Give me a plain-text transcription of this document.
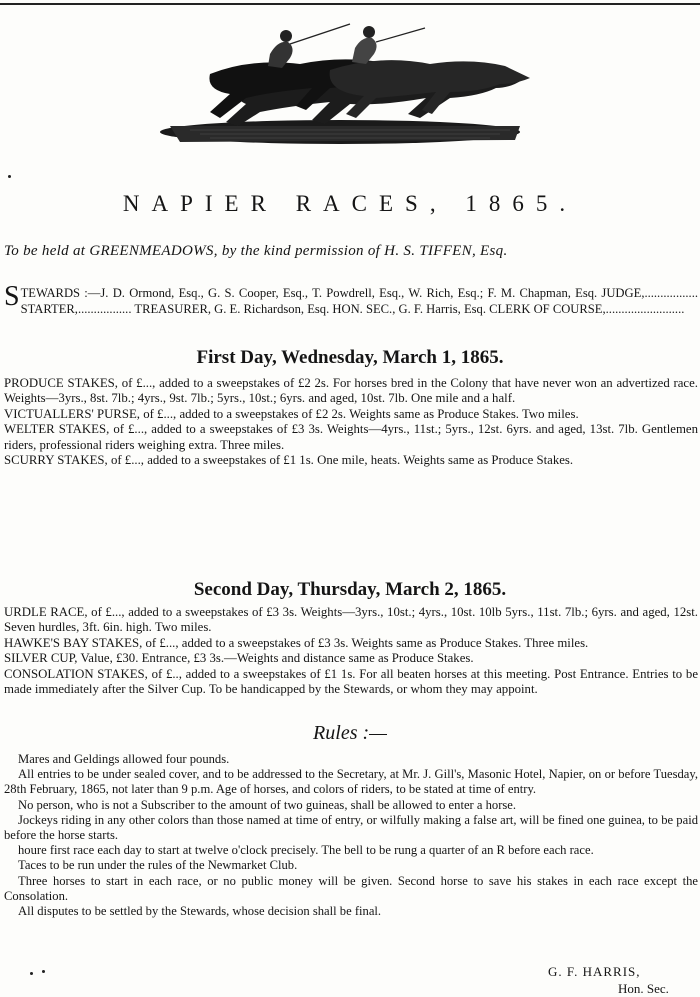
NAPIER RACES, 1865.
To be held at GREENMEADOWS, by the kind permission of H. S. TIFFEN, Esq.
STEWARDS :—J. D. Ormond, Esq., G. S. Cooper, Esq., T. Powdrell, Esq., W. Rich, Esq.; F. M. Chapman, Esq. JUDGE,................. STARTER,................. TREASURER, G. E. Richardson, Esq. HON. SEC., G. F. Harris, Esq. CLERK OF COURSE,.........................
First Day, Wednesday, March 1, 1865.

PRODUCE STAKES, of £..., added to a sweepstakes of £2 2s. For horses bred in the Colony that have never won an advertized race. Weights—3yrs., 8st. 7lb.; 4yrs., 9st. 7lb.; 5yrs., 10st.; 6yrs. and aged, 10st. 7lb. One mile and a half.

VICTUALLERS' PURSE, of £..., added to a sweepstakes of £2 2s. Weights same as Produce Stakes. Two miles.

WELTER STAKES, of £..., added to a sweepstakes of £3 3s. Weights—4yrs., 11st.; 5yrs., 12st. 6yrs. and aged, 13st. 7lb. Gentlemen riders, professional riders weighing extra. Three miles.

SCURRY STAKES, of £..., added to a sweepstakes of £1 1s. One mile, heats. Weights same as Produce Stakes.

Second Day, Thursday, March 2, 1865.

URDLE RACE, of £..., added to a sweepstakes of £3 3s. Weights—3yrs., 10st.; 4yrs., 10st. 10lb 5yrs., 11st. 7lb.; 6yrs. and aged, 12st. Seven hurdles, 3ft. 6in. high. Two miles.

HAWKE'S BAY STAKES, of £..., added to a sweepstakes of £3 3s. Weights same as Produce Stakes. Three miles.

SILVER CUP, Value, £30. Entrance, £3 3s.—Weights and distance same as Produce Stakes.

CONSOLATION STAKES, of £.., added to a sweepstakes of £1 1s. For all beaten horses at this meeting. Post Entrance. Entries to be made immediately after the Silver Cup. To be handicapped by the Stewards, or whom they may appoint.

Rules :—

Mares and Geldings allowed four pounds.

All entries to be under sealed cover, and to be addressed to the Secretary, at Mr. J. Gill's, Masonic Hotel, Napier, on or before Tuesday, 28th February, 1865, not later than 9 p.m. Age of horses, and colors of riders, to be stated at time of entry.

No person, who is not a Subscriber to the amount of two guineas, shall be allowed to enter a horse.

Jockeys riding in any other colors than those named at time of entry, or wilfully making a false art, will be fined one guinea, to be paid before the horse starts.

houre first race each day to start at twelve o'clock precisely. The bell to be rung a quarter of an R before each race.

Taces to be run under the rules of the Newmarket Club.

Three horses to start in each race, or no public money will be given. Second horse to save his stakes in each race except the Consolation.

All disputes to be settled by the Stewards, whose decision shall be final.

G. F. HARRIS,
Hon. Sec.
